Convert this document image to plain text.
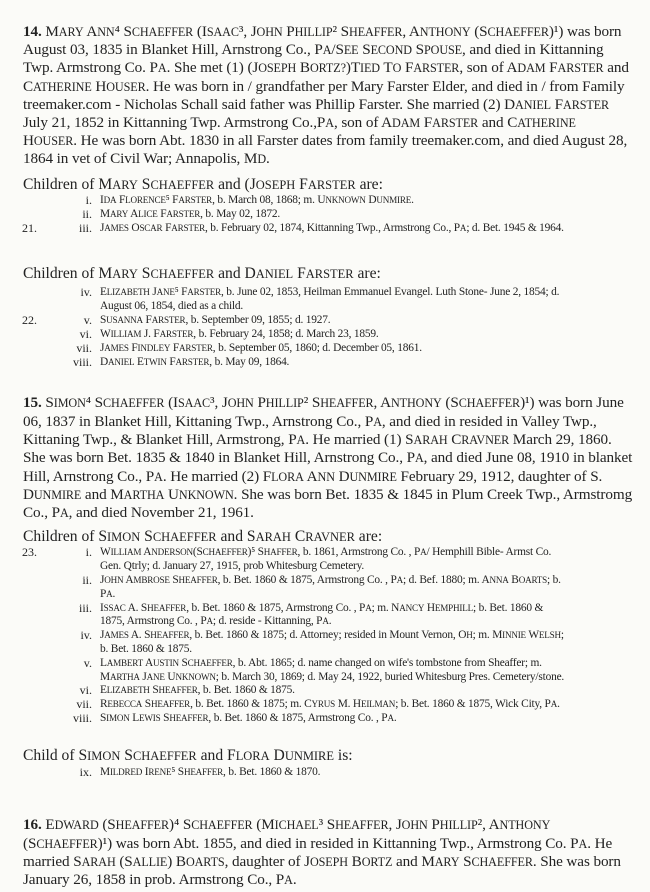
14. MARY ANN⁴ SCHAEFFER (ISAAC³, JOHN PHILLIP² SHEAFFER, ANTHONY (SCHAEFFER)¹) was born
August 03, 1835 in Blanket Hill, Arnstrong Co., PA/SEE SECOND SPOUSE, and died in Kittanning
Twp. Armstrong Co. PA. She met (1) (JOSEPH BORTZ?)TIED TO FARSTER, son of ADAM FARSTER and
CATHERINE HOUSER. He was born in / grandfather per Mary Farster Elder, and died in / from Family
treemaker.com - Nicholas Schall said father was Phillip Farster. She married (2) DANIEL FARSTER
July 21, 1852 in Kittanning Twp. Armstrong Co.,PA, son of ADAM FARSTER and CATHERINE
HOUSER. He was born Abt. 1830 in all Farster dates from family treemaker.com, and died August 28,
1864 in vet of Civil War; Annapolis, MD.
Children of MARY SCHAEFFER and (JOSEPH FARSTER are:
i. IDA FLORENCE⁵ FARSTER, b. March 08, 1868; m. UNKNOWN DUNMIRE.
ii. MARY ALICE FARSTER, b. May 02, 1872.
21.	iii. JAMES OSCAR FARSTER, b. February 02, 1874, Kittanning Twp., Armstrong Co., PA; d. Bet. 1945 & 1964.
Children of MARY SCHAEFFER and DANIEL FARSTER are:
iv. ELIZABETH JANE⁵ FARSTER, b. June 02, 1853, Heilman Emmanuel Evangel. Luth Stone- June 2, 1854; d.
August 06, 1854, died as a child.
22.	v. SUSANNA FARSTER, b. September 09, 1855; d. 1927.
vi. WILLIAM J. FARSTER, b. February 24, 1858; d. March 23, 1859.
vii. JAMES FINDLEY FARSTER, b. September 05, 1860; d. December 05, 1861.
viii. DANIEL ETWIN FARSTER, b. May 09, 1864.
15. SIMON⁴ SCHAEFFER (ISAAC³, JOHN PHILLIP² SHEAFFER, ANTHONY (SCHAEFFER)¹) was born June
06, 1837 in Blanket Hill, Kittaning Twp., Arnstrong Co., PA, and died in resided in Valley Twp.,
Kittaning Twp., & Blanket Hill, Armstrong, PA. He married (1) SARAH CRAVNER March 29, 1860.
She was born Bet. 1835 & 1840 in Blanket Hill, Arnstrong Co., PA, and died June 08, 1910 in blanket
Hill, Arnstrong Co., PA. He married (2) FLORA ANN DUNMIRE February 29, 1912, daughter of S.
DUNMIRE and MARTHA UNKNOWN. She was born Bet. 1835 & 1845 in Plum Creek Twp., Armstromg
Co., PA, and died November 21, 1961.
Children of SIMON SCHAEFFER and SARAH CRAVNER are:
23.	i. WILLIAM ANDERSON(SCHAEFFER)⁵ SHAFFER, b. 1861, Armstrong Co. , PA/ Hemphill Bible- Armst Co.
Gen. Qtrly; d. January 27, 1915, prob Whitesburg Cemetery.
ii. JOHN AMBROSE SHEAFFER, b. Bet. 1860 & 1875, Armstrong Co. , PA; d. Bef. 1880; m. ANNA BOARTS; b.
PA.
iii. ISSAC A. SHEAFFER, b. Bet. 1860 & 1875, Armstrong Co. , PA; m. NANCY HEMPHILL; b. Bet. 1860 &
1875, Armstrong Co. , PA; d. reside - Kittanning, PA.
iv. JAMES A. SHEAFFER, b. Bet. 1860 & 1875; d. Attorney; resided in Mount Vernon, OH; m. MINNIE WELSH;
b. Bet. 1860 & 1875.
v. LAMBERT AUSTIN SCHAEFFER, b. Abt. 1865; d. name changed on wife's tombstone from Sheaffer; m.
MARTHA JANE UNKNOWN; b. March 30, 1869; d. May 24, 1922, buried Whitesburg Pres. Cemetery/stone.
vi. ELIZABETH SHEAFFER, b. Bet. 1860 & 1875.
vii. REBECCA SHEAFFER, b. Bet. 1860 & 1875; m. CYRUS M. HEILMAN; b. Bet. 1860 & 1875, Wick City, PA.
viii. SIMON LEWIS SHEAFFER, b. Bet. 1860 & 1875, Armstrong Co. , PA.
Child of SIMON SCHAEFFER and FLORA DUNMIRE is:
ix. MILDRED IRENE⁵ SHEAFFER, b. Bet. 1860 & 1870.
16. EDWARD (SHEAFFER)⁴ SCHAEFFER (MICHAEL³ SHEAFFER, JOHN PHILLIP², ANTHONY
(SCHAEFFER)¹) was born Abt. 1855, and died in resided in Kittanning Twp., Armstrong Co. PA. He
married SARAH (SALLIE) BOARTS, daughter of JOSEPH BORTZ and MARY SCHAEFFER. She was born
January 26, 1858 in prob. Armstrong Co., PA.
